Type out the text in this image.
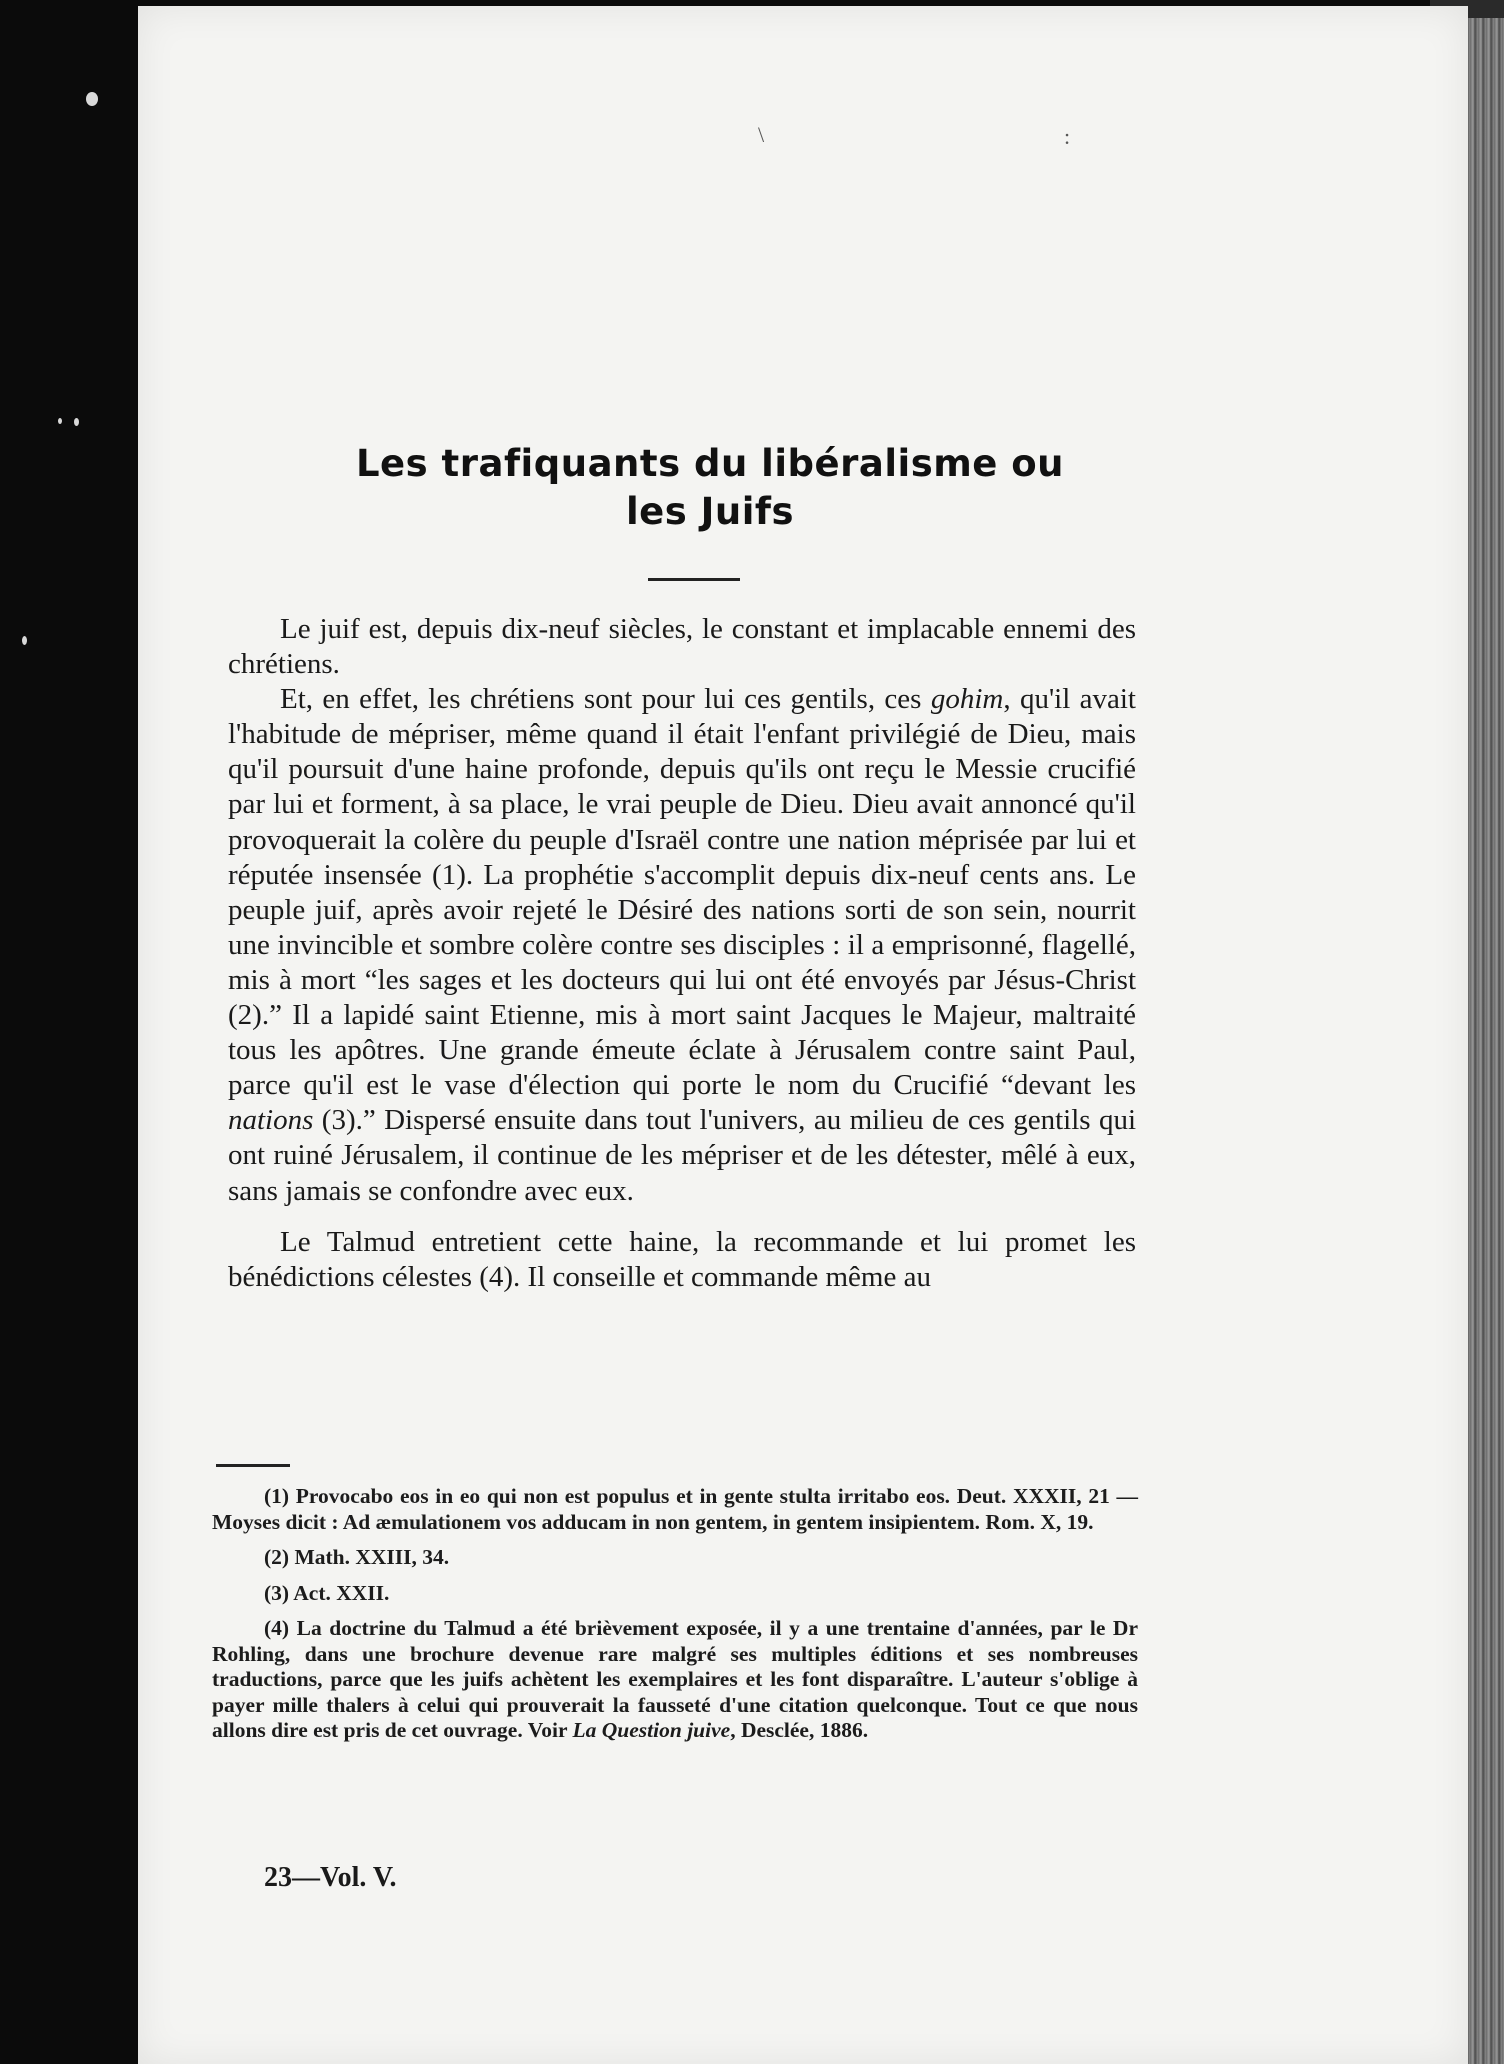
\	:
Les trafiquants du libéralisme ou
les Juifs

Le juif est, depuis dix-neuf siècles, le constant et implacable ennemi des chrétiens.

Et, en effet, les chrétiens sont pour lui ces gentils, ces gohim, qu'il avait l'habitude de mépriser, même quand il était l'enfant privilégié de Dieu, mais qu'il poursuit d'une haine profonde, depuis qu'ils ont reçu le Messie crucifié par lui et forment, à sa place, le vrai peuple de Dieu. Dieu avait annoncé qu'il provoquerait la colère du peuple d'Israël contre une nation méprisée par lui et réputée insensée (1). La prophétie s'accomplit depuis dix-neuf cents ans. Le peuple juif, après avoir rejeté le Désiré des nations sorti de son sein, nourrit une invincible et sombre colère contre ses disciples : il a emprisonné, flagellé, mis à mort “les sages et les docteurs qui lui ont été envoyés par Jésus-Christ (2).” Il a lapidé saint Etienne, mis à mort saint Jacques le Majeur, maltraité tous les apôtres. Une grande émeute éclate à Jérusalem contre saint Paul, parce qu'il est le vase d'élection qui porte le nom du Crucifié “devant les nations (3).” Dispersé ensuite dans tout l'univers, au milieu de ces gentils qui ont ruiné Jérusalem, il continue de les mépriser et de les détester, mêlé à eux, sans jamais se confondre avec eux.

Le Talmud entretient cette haine, la recommande et lui promet les bénédictions célestes (4). Il conseille et commande même au

(1) Provocabo eos in eo qui non est populus et in gente stulta irritabo eos. Deut. XXXII, 21 —Moyses dicit : Ad æmulationem vos adducam in non gentem, in gentem insipientem. Rom. X, 19.

(2) Math. XXIII, 34.

(3) Act. XXII.

(4) La doctrine du Talmud a été brièvement exposée, il y a une trentaine d'années, par le Dr Rohling, dans une brochure devenue rare malgré ses multiples éditions et ses nombreuses traductions, parce que les juifs achètent les exemplaires et les font disparaître. L'auteur s'oblige à payer mille thalers à celui qui prouverait la fausseté d'une citation quelconque. Tout ce que nous allons dire est pris de cet ouvrage. Voir La Question juive, Desclée, 1886.

23—Vol. V.
